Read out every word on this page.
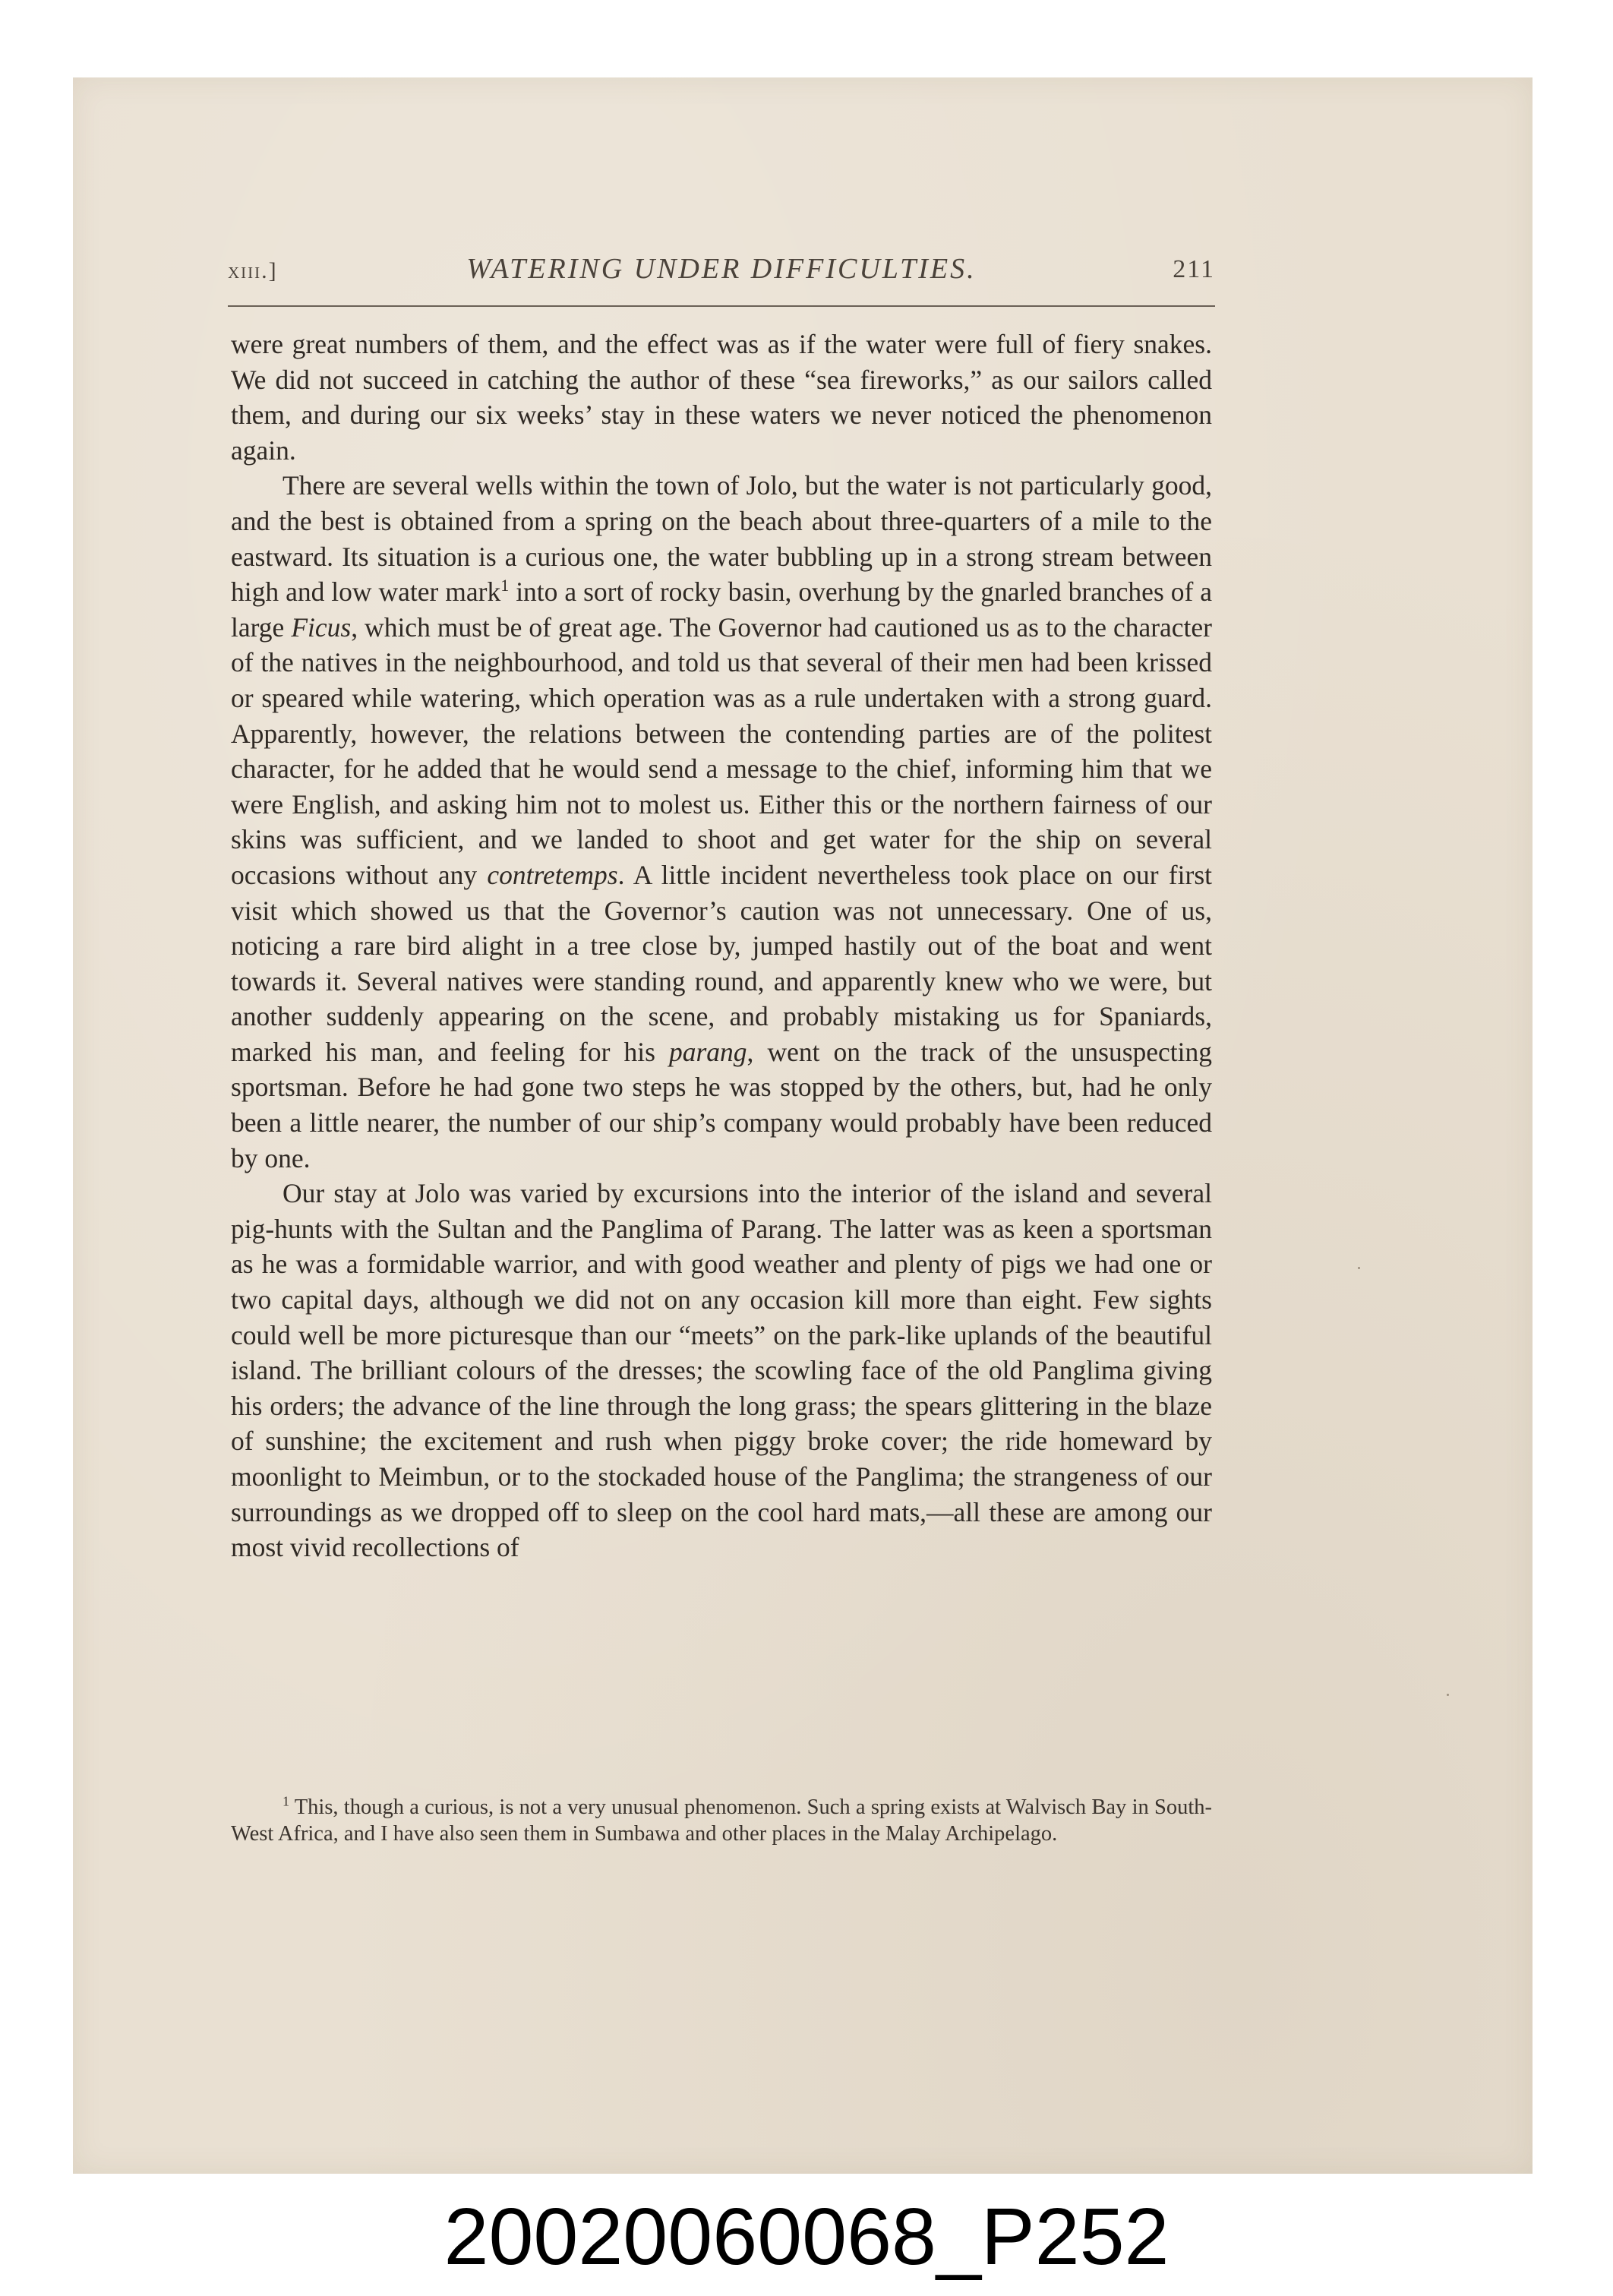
xiii.]	WATERING UNDER DIFFICULTIES.	211

were great numbers of them, and the effect was as if the water were full of fiery snakes. We did not succeed in catching the author of these “sea fireworks,” as our sailors called them, and during our six weeks’ stay in these waters we never noticed the phenomenon again.

There are several wells within the town of Jolo, but the water is not particularly good, and the best is obtained from a spring on the beach about three-quarters of a mile to the eastward. Its situation is a curious one, the water bubbling up in a strong stream between high and low water mark$^1$ into a sort of rocky basin, overhung by the gnarled branches of a large Ficus, which must be of great age. The Governor had cautioned us as to the character of the natives in the neighbourhood, and told us that several of their men had been krissed or speared while watering, which operation was as a rule undertaken with a strong guard. Apparently, however, the relations between the contending parties are of the politest character, for he added that he would send a message to the chief, informing him that we were English, and asking him not to molest us. Either this or the northern fairness of our skins was sufficient, and we landed to shoot and get water for the ship on several occasions without any contretemps. A little incident nevertheless took place on our first visit which showed us that the Governor’s caution was not unnecessary. One of us, noticing a rare bird alight in a tree close by, jumped hastily out of the boat and went towards it. Several natives were standing round, and apparently knew who we were, but another suddenly appearing on the scene, and probably mistaking us for Spaniards, marked his man, and feeling for his parang, went on the track of the unsuspecting sportsman. Before he had gone two steps he was stopped by the others, but, had he only been a little nearer, the number of our ship’s company would probably have been reduced by one.

Our stay at Jolo was varied by excursions into the interior of the island and several pig-hunts with the Sultan and the Panglima of Parang. The latter was as keen a sportsman as he was a formidable warrior, and with good weather and plenty of pigs we had one or two capital days, although we did not on any occasion kill more than eight. Few sights could well be more picturesque than our “meets” on the park-like uplands of the beautiful island. The brilliant colours of the dresses; the scowling face of the old Panglima giving his orders; the advance of the line through the long grass; the spears glittering in the blaze of sunshine; the excitement and rush when piggy broke cover; the ride homeward by moonlight to Meimbun, or to the stockaded house of the Panglima; the strangeness of our surroundings as we dropped off to sleep on the cool hard mats,—all these are among our most vivid recollections of

$^1$ This, though a curious, is not a very unusual phenomenon. Such a spring exists at Walvisch Bay in South-West Africa, and I have also seen them in Sumbawa and other places in the Malay Archipelago.
20020060068_P252
